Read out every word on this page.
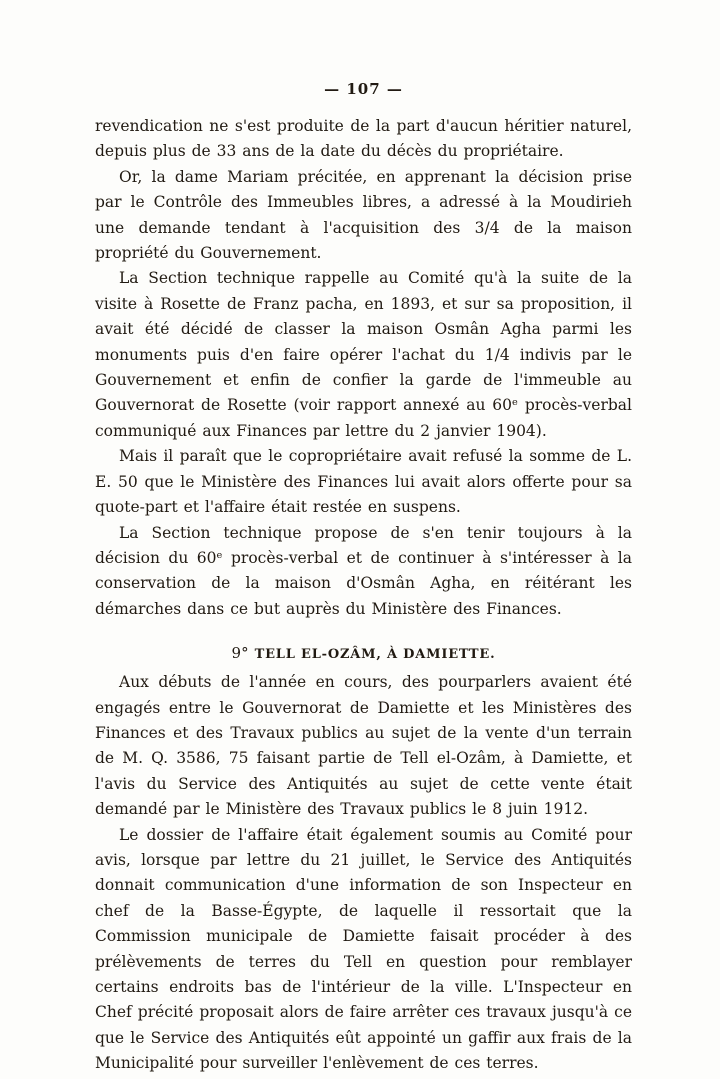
— 107 —

revendication ne s'est produite de la part d'aucun héritier naturel, depuis plus de 33 ans de la date du décès du propriétaire.

Or, la dame Mariam précitée, en apprenant la décision prise par le Contrôle des Immeubles libres, a adressé à la Moudirieh une demande tendant à l'acquisition des 3/4 de la maison propriété du Gouvernement.

La Section technique rappelle au Comité qu'à la suite de la visite à Rosette de Franz pacha, en 1893, et sur sa proposition, il avait été décidé de classer la maison Osmân Agha parmi les monuments puis d'en faire opérer l'achat du 1/4 indivis par le Gouvernement et enfin de confier la garde de l'immeuble au Gouvernorat de Rosette (voir rapport annexé au 60ᵉ procès-verbal communiqué aux Finances par lettre du 2 janvier 1904).

Mais il paraît que le copropriétaire avait refusé la somme de L. E. 50 que le Ministère des Finances lui avait alors offerte pour sa quote-part et l'affaire était restée en suspens.

La Section technique propose de s'en tenir toujours à la décision du 60ᵉ procès-verbal et de continuer à s'intéresser à la conservation de la maison d'Osmân Agha, en réitérant les démarches dans ce but auprès du Ministère des Finances.

9° TELL EL-OZÂM, À DAMIETTE.

Aux débuts de l'année en cours, des pourparlers avaient été engagés entre le Gouvernorat de Damiette et les Ministères des Finances et des Travaux publics au sujet de la vente d'un terrain de M. Q. 3586, 75 faisant partie de Tell el-Ozâm, à Damiette, et l'avis du Service des Antiquités au sujet de cette vente était demandé par le Ministère des Travaux publics le 8 juin 1912.

Le dossier de l'affaire était également soumis au Comité pour avis, lorsque par lettre du 21 juillet, le Service des Antiquités donnait communication d'une information de son Inspecteur en chef de la Basse-Égypte, de laquelle il ressortait que la Commission municipale de Damiette faisait procéder à des prélèvements de terres du Tell en question pour remblayer certains endroits bas de l'intérieur de la ville. L'Inspecteur en Chef précité proposait alors de faire arrêter ces travaux jusqu'à ce que le Service des Antiquités eût appointé un gaffir aux frais de la Municipalité pour surveiller l'enlèvement de ces terres.
